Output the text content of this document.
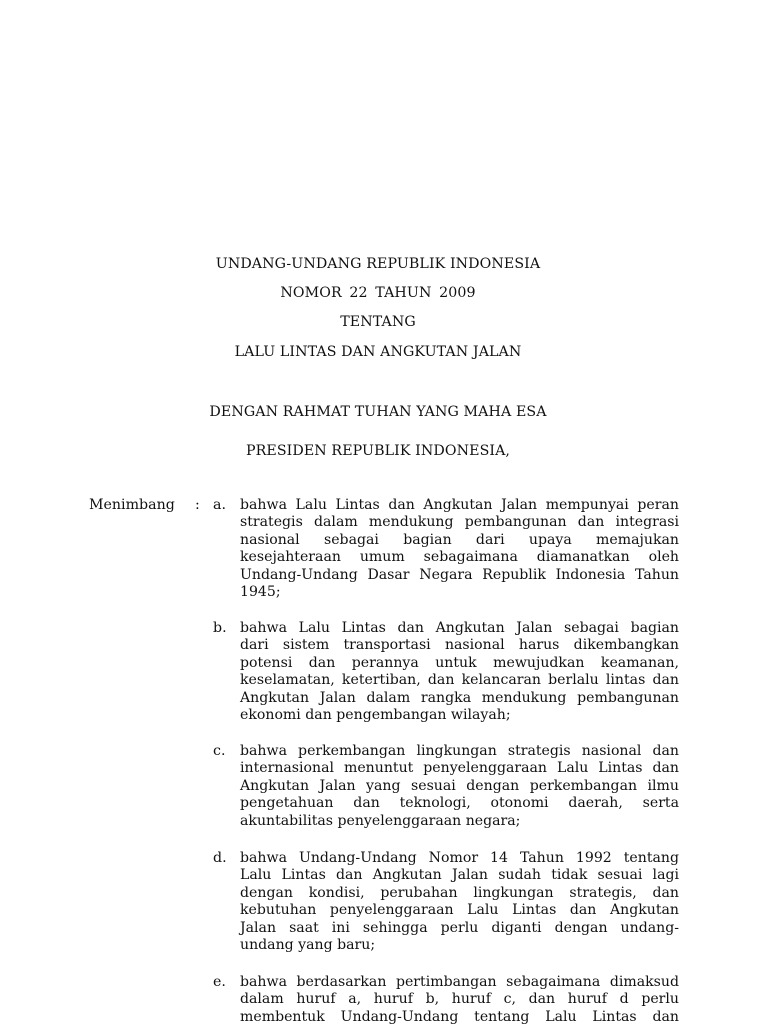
UNDANG-UNDANG REPUBLIK INDONESIA
NOMOR 22 TAHUN 2009
TENTANG
LALU LINTAS DAN ANGKUTAN JALAN
DENGAN RAHMAT TUHAN YANG MAHA ESA
PRESIDEN REPUBLIK INDONESIA,
Menimbang : a. bahwa Lalu Lintas dan Angkutan Jalan mempunyai peran
strategis dalam mendukung pembangunan dan integrasi
nasional sebagai bagian dari upaya memajukan
kesejahteraan umum sebagaimana diamanatkan oleh
Undang-Undang Dasar Negara Republik Indonesia Tahun
1945;
b. bahwa Lalu Lintas dan Angkutan Jalan sebagai bagian
dari sistem transportasi nasional harus dikembangkan
potensi dan perannya untuk mewujudkan keamanan,
keselamatan, ketertiban, dan kelancaran berlalu lintas dan
Angkutan Jalan dalam rangka mendukung pembangunan
ekonomi dan pengembangan wilayah;
c. bahwa perkembangan lingkungan strategis nasional dan
internasional menuntut penyelenggaraan Lalu Lintas dan
Angkutan Jalan yang sesuai dengan perkembangan ilmu
pengetahuan dan teknologi, otonomi daerah, serta
akuntabilitas penyelenggaraan negara;
d. bahwa Undang-Undang Nomor 14 Tahun 1992 tentang
Lalu Lintas dan Angkutan Jalan sudah tidak sesuai lagi
dengan kondisi, perubahan lingkungan strategis, dan
kebutuhan penyelenggaraan Lalu Lintas dan Angkutan
Jalan saat ini sehingga perlu diganti dengan undang-
undang yang baru;
e. bahwa berdasarkan pertimbangan sebagaimana dimaksud
dalam huruf a, huruf b, huruf c, dan huruf d perlu
membentuk Undang-Undang tentang Lalu Lintas dan
